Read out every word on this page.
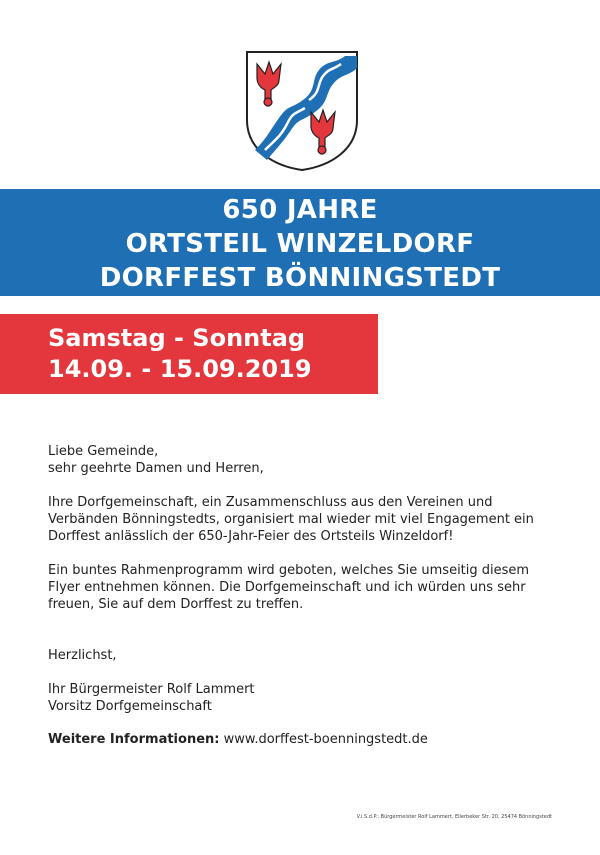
650 JAHRE
ORTSTEIL WINZELDORF
DORFFEST BÖNNINGSTEDT
Samstag - Sonntag
14.09. - 15.09.2019

Liebe Gemeinde,
sehr geehrte Damen und Herren,

Ihre Dorfgemeinschaft, ein Zusammenschluss aus den Vereinen und
Verbänden Bönningstedts, organisiert mal wieder mit viel Engagement ein
Dorffest anlässlich der 650-Jahr-Feier des Ortsteils Winzeldorf!

Ein buntes Rahmenprogramm wird geboten, welches Sie umseitig diesem
Flyer entnehmen können. Die Dorfgemeinschaft und ich würden uns sehr
freuen, Sie auf dem Dorffest zu treffen.

Herzlichst,

Ihr Bürgermeister Rolf Lammert
Vorsitz Dorfgemeinschaft

Weitere Informationen: www.dorffest-boenningstedt.de
V.i.S.d.P.: Bürgermeister Rolf Lammert, Ellerbeker Str. 20, 25474 Bönningstedt
